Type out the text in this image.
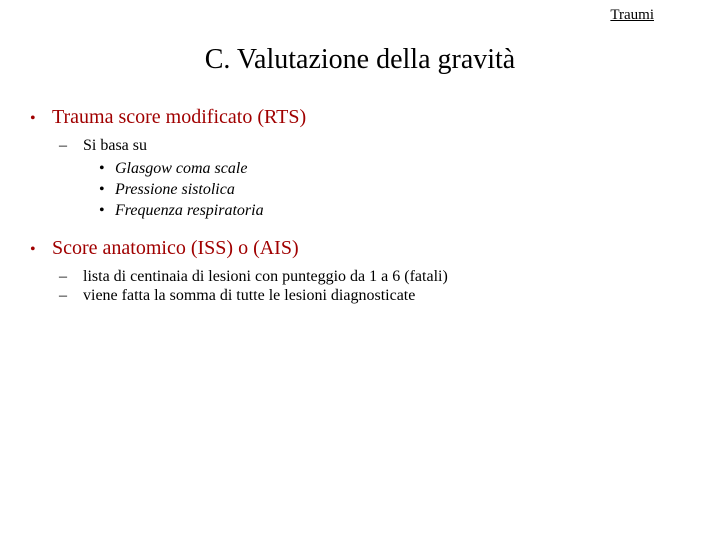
Traumi
C. Valutazione della gravità
• Trauma score modificato (RTS)
–	Si basa su
• Glasgow coma scale
• Pressione sistolica
• Frequenza respiratoria
• Score anatomico (ISS) o (AIS)
–	lista di centinaia di lesioni con punteggio da 1 a 6 (fatali)
–	viene fatta la somma di tutte le lesioni diagnosticate
